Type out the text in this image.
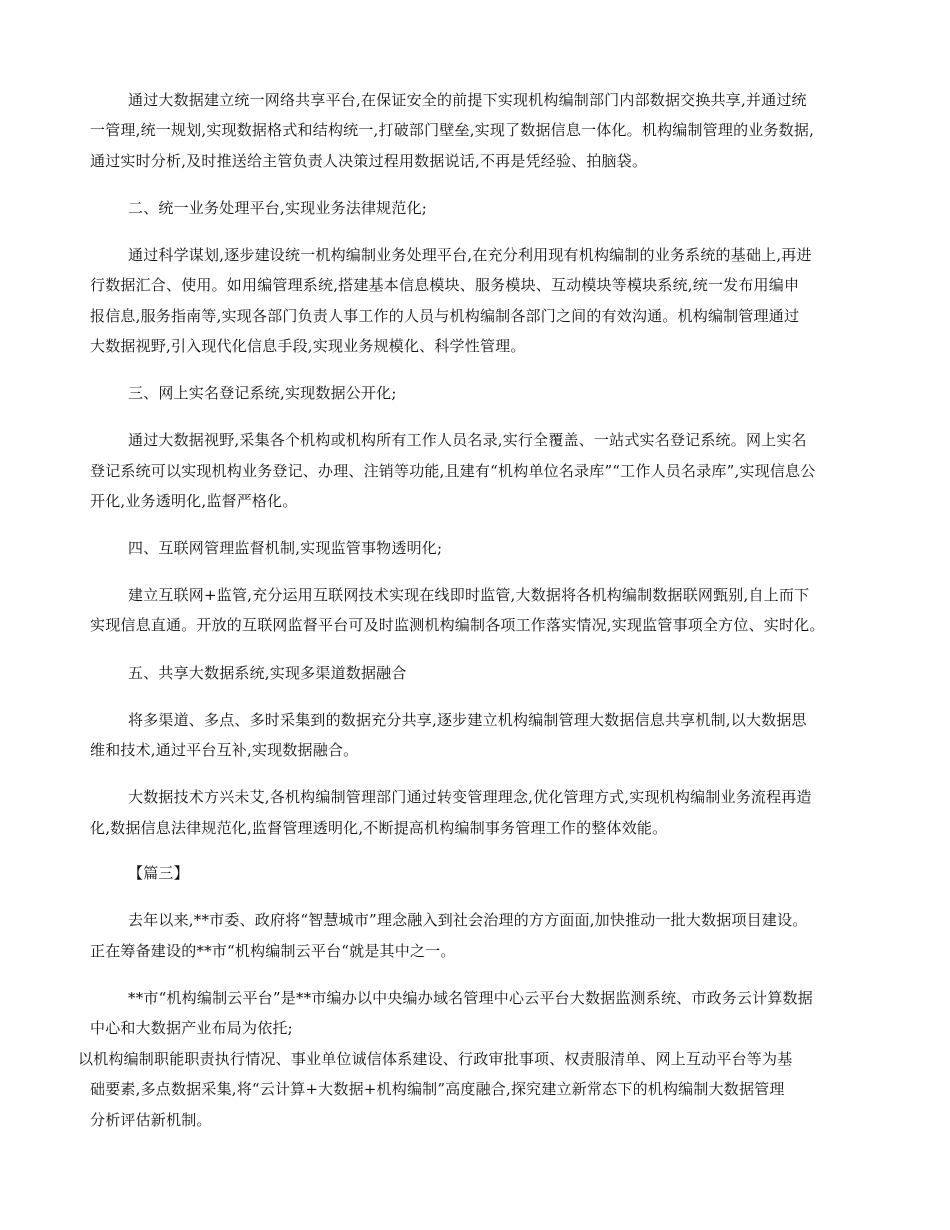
通过大数据建立统一网络共享平台,在保证安全的前提下实现机构编制部门内部数据交换共享,并通过统
一管理,统一规划,实现数据格式和结构统一,打破部门壁垒,实现了数据信息一体化。机构编制管理的业务数据,
通过实时分析,及时推送给主管负责人决策过程用数据说话,不再是凭经验、拍脑袋。
二、统一业务处理平台,实现业务法律规范化;
通过科学谋划,逐步建设统一机构编制业务处理平台,在充分利用现有机构编制的业务系统的基础上,再进
行数据汇合、使用。如用编管理系统,搭建基本信息模块、服务模块、互动模块等模块系统,统一发布用编申
报信息,服务指南等,实现各部门负责人事工作的人员与机构编制各部门之间的有效沟通。机构编制管理通过
大数据视野,引入现代化信息手段,实现业务规模化、科学性管理。
三、网上实名登记系统,实现数据公开化;
通过大数据视野,采集各个机构或机构所有工作人员名录,实行全覆盖、一站式实名登记系统。网上实名
登记系统可以实现机构业务登记、办理、注销等功能,且建有“机构单位名录库”“工作人员名录库”,实现信息公
开化,业务透明化,监督严格化。
四、互联网管理监督机制,实现监管事物透明化;
建立互联网+监管,充分运用互联网技术实现在线即时监管,大数据将各机构编制数据联网甄别,自上而下
实现信息直通。开放的互联网监督平台可及时监测机构编制各项工作落实情况,实现监管事项全方位、实时化。
五、共享大数据系统,实现多渠道数据融合
将多渠道、多点、多时采集到的数据充分共享,逐步建立机构编制管理大数据信息共享机制,以大数据思
维和技术,通过平台互补,实现数据融合。
大数据技术方兴未艾,各机构编制管理部门通过转变管理理念,优化管理方式,实现机构编制业务流程再造
化,数据信息法律规范化,监督管理透明化,不断提高机构编制事务管理工作的整体效能。
【篇三】
去年以来,**市委、政府将“智慧城市”理念融入到社会治理的方方面面,加快推动一批大数据项目建设。
正在筹备建设的**市“机构编制云平台“就是其中之一。
**市“机构编制云平台”是**市编办以中央编办域名管理中心云平台大数据监测系统、市政务云计算数据
中心和大数据产业布局为依托;
以机构编制职能职责执行情况、事业单位诚信体系建设、行政审批事项、权责服清单、网上互动平台等为基
础要素,多点数据采集,将“云计算+大数据+机构编制”高度融合,探究建立新常态下的机构编制大数据管理
分析评估新机制。
